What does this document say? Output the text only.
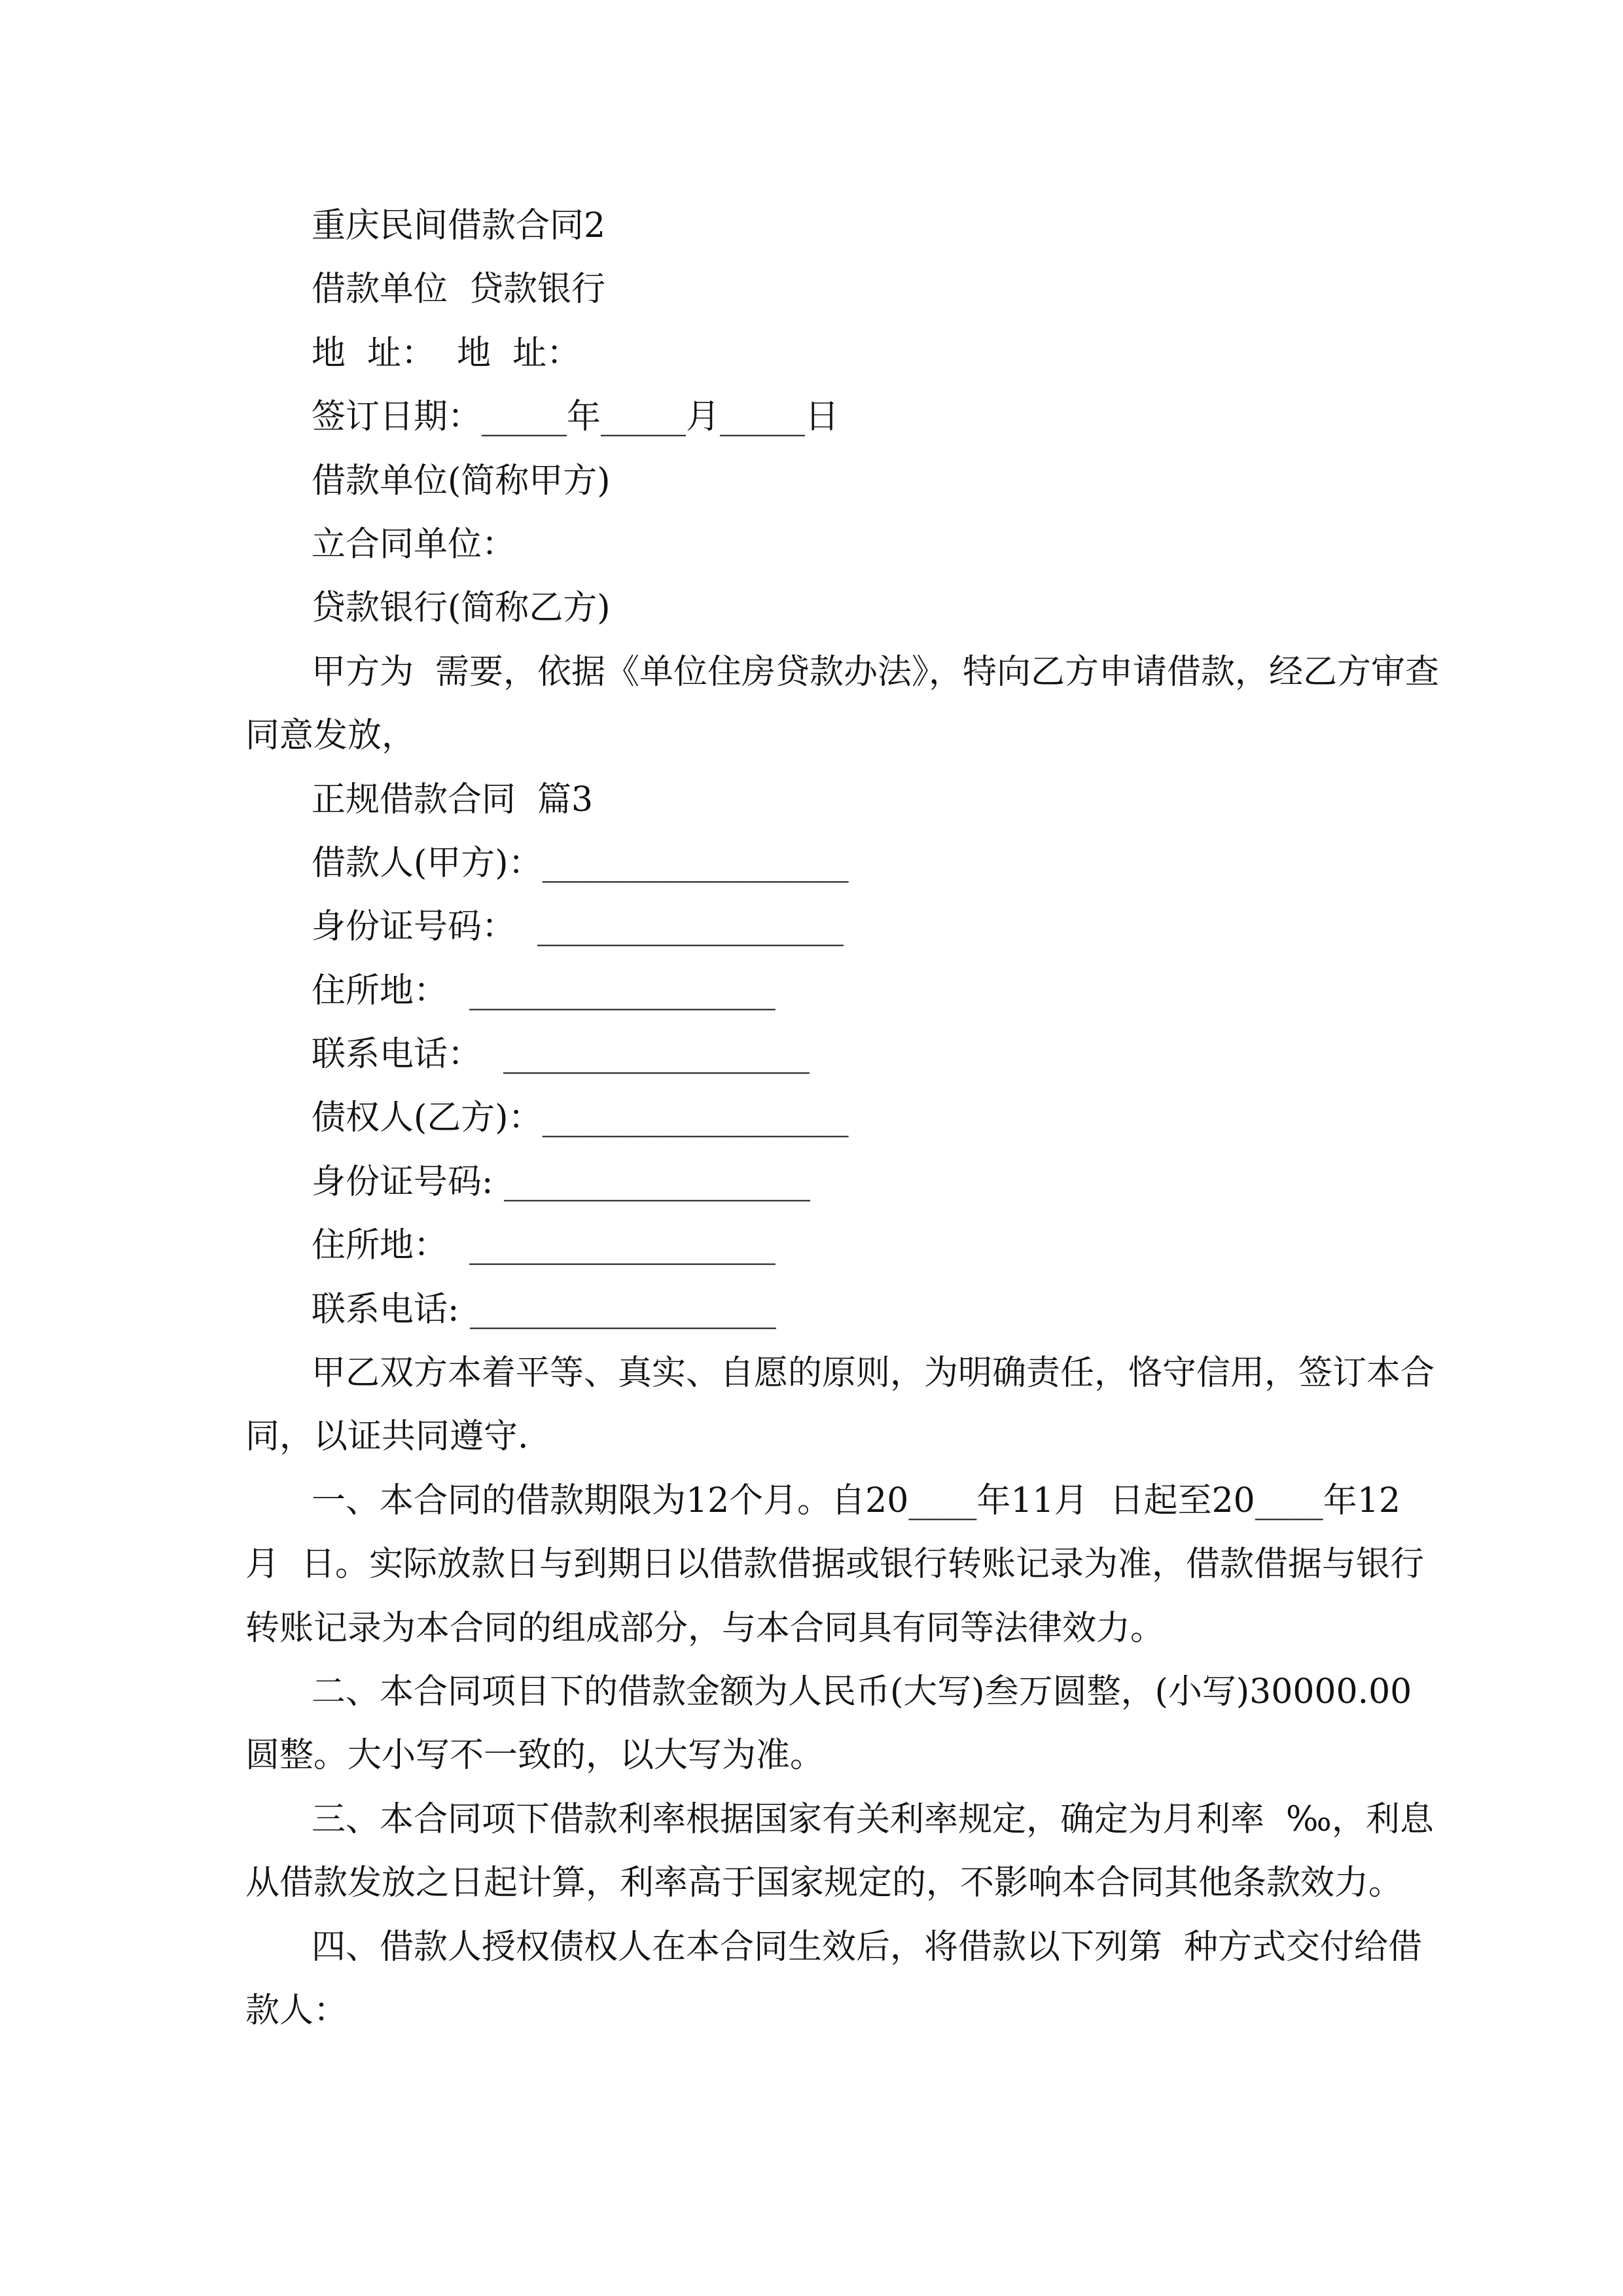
重庆民间借款合同2
借款单位  贷款银行
地  址：  地  址：
签订日期：_____年_____月_____日
借款单位(简称甲方)
立合同单位：
贷款银行(简称乙方)
甲方为  需要，依据《单位住房贷款办法》，特向乙方申请借款，经乙方审查
同意发放，
正规借款合同  篇3
借款人(甲方)：__________________
身份证号码：  __________________
住所地：  __________________
联系电话：  __________________
债权人(乙方)：__________________
身份证号码: __________________
住所地：  __________________
联系电话: __________________
甲乙双方本着平等、真实、自愿的原则，为明确责任，恪守信用，签订本合
同，以证共同遵守.
一、本合同的借款期限为12个月。自20____年11月  日起至20____年12
月  日。实际放款日与到期日以借款借据或银行转账记录为准，借款借据与银行
转账记录为本合同的组成部分，与本合同具有同等法律效力。
二、本合同项目下的借款金额为人民币(大写)叁万圆整，(小写)30000.00
圆整。大小写不一致的，以大写为准。
三、本合同项下借款利率根据国家有关利率规定，确定为月利率  ‰，利息
从借款发放之日起计算，利率高于国家规定的，不影响本合同其他条款效力。
四、借款人授权债权人在本合同生效后，将借款以下列第  种方式交付给借
款人：
